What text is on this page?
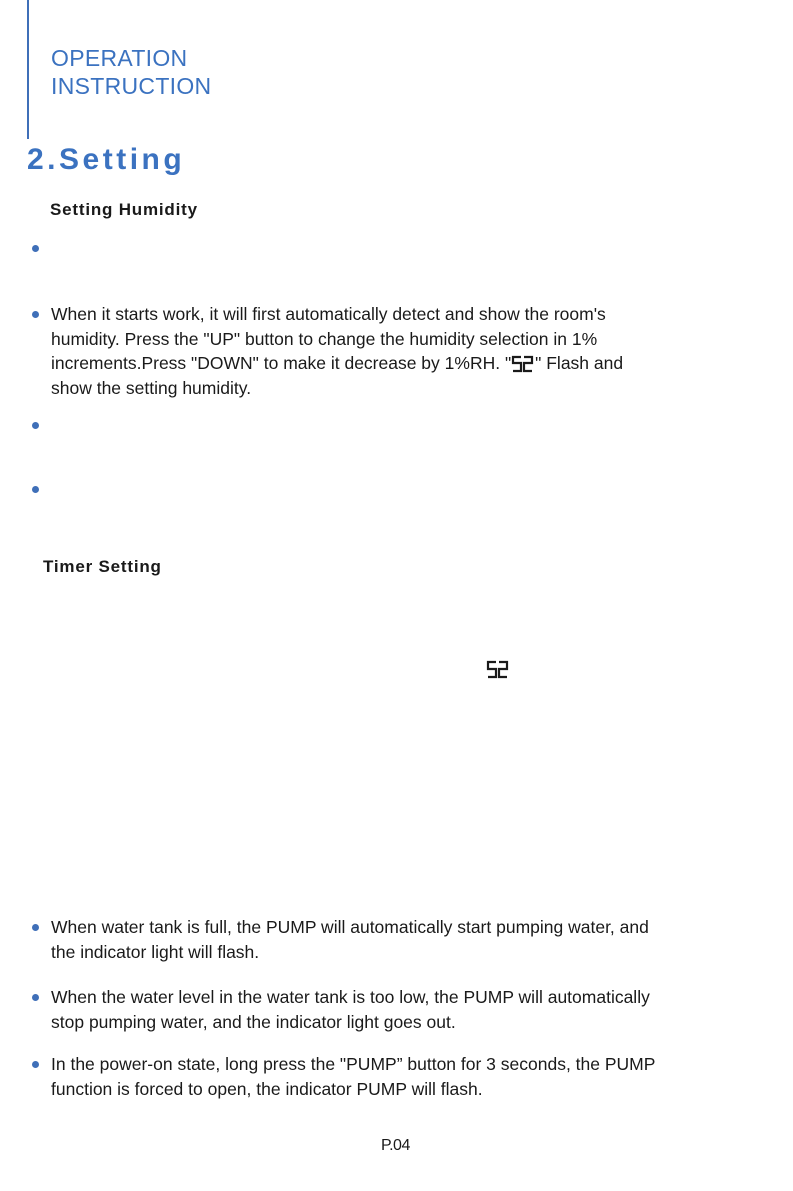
OPERATION
INSTRUCTION
2.Setting
Setting Humidity
When it starts work, it will first automatically detect and show the room's
humidity. Press the "UP" button to change the humidity selection in 1%
increments.Press "DOWN" to make it decrease by 1%RH. " " Flash and
show the setting humidity.
Timer Setting
When water tank is full, the PUMP will automatically start pumping water, and
the indicator light will flash.
When the water level in the water tank is too low, the PUMP will automatically
stop pumping water, and the indicator light goes out.
In the power-on state, long press the "PUMP” button for 3 seconds, the PUMP
function is forced to open, the indicator PUMP will flash.
P.04
